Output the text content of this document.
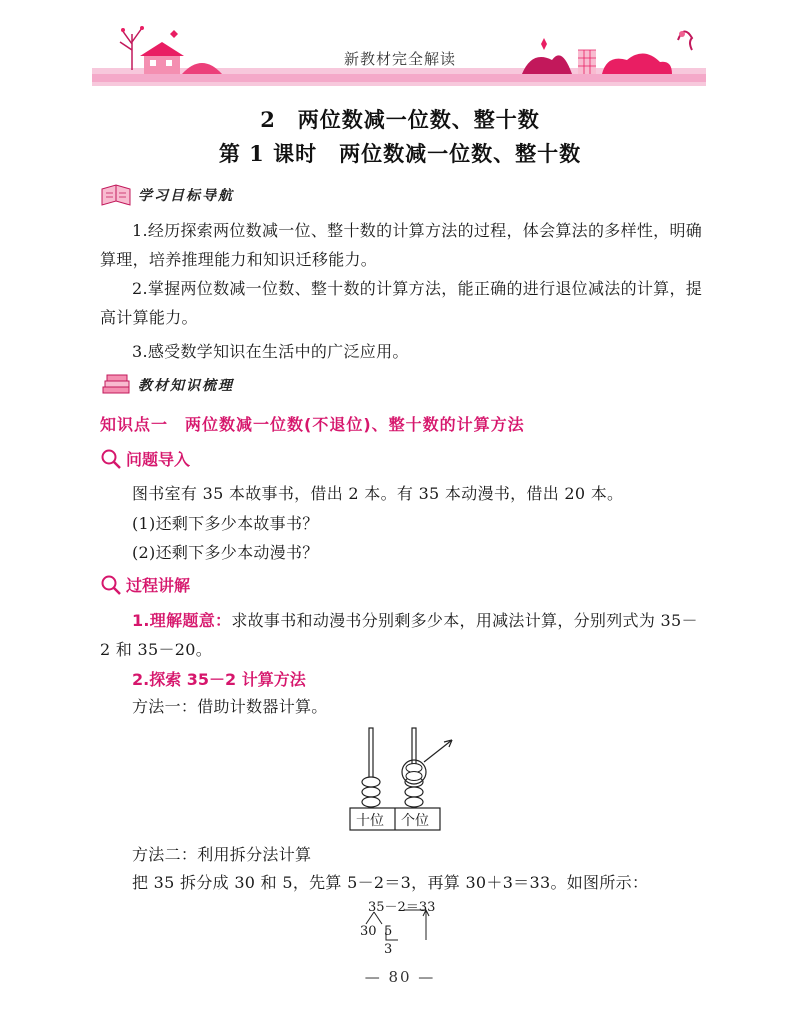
新教材完全解读
2　两位数减一位数、整十数
第 1 课时　两位数减一位数、整十数
学习目标导航
1.经历探索两位数减一位、整十数的计算方法的过程，体会算法的多样性，明确算理，培养推理能力和知识迁移能力。
2.掌握两位数减一位数、整十数的计算方法，能正确的进行退位减法的计算，提高计算能力。
3.感受数学知识在生活中的广泛应用。
教材知识梳理
知识点一　两位数减一位数(不退位)、整十数的计算方法
问题导入
图书室有 35 本故事书，借出 2 本。有 35 本动漫书，借出 20 本。
(1)还剩下多少本故事书？
(2)还剩下多少本动漫书？
过程讲解
1.理解题意：求故事书和动漫书分别剩多少本，用减法计算，分别列式为 35－2 和 35－20。
2.探索 35－2 计算方法
方法一：借助计数器计算。
十位 个位
方法二：利用拆分法计算
把 35 拆分成 30 和 5，先算 5－2＝3，再算 30＋3＝33。如图所示：
35－2＝33
30 5
3
— 80 —
